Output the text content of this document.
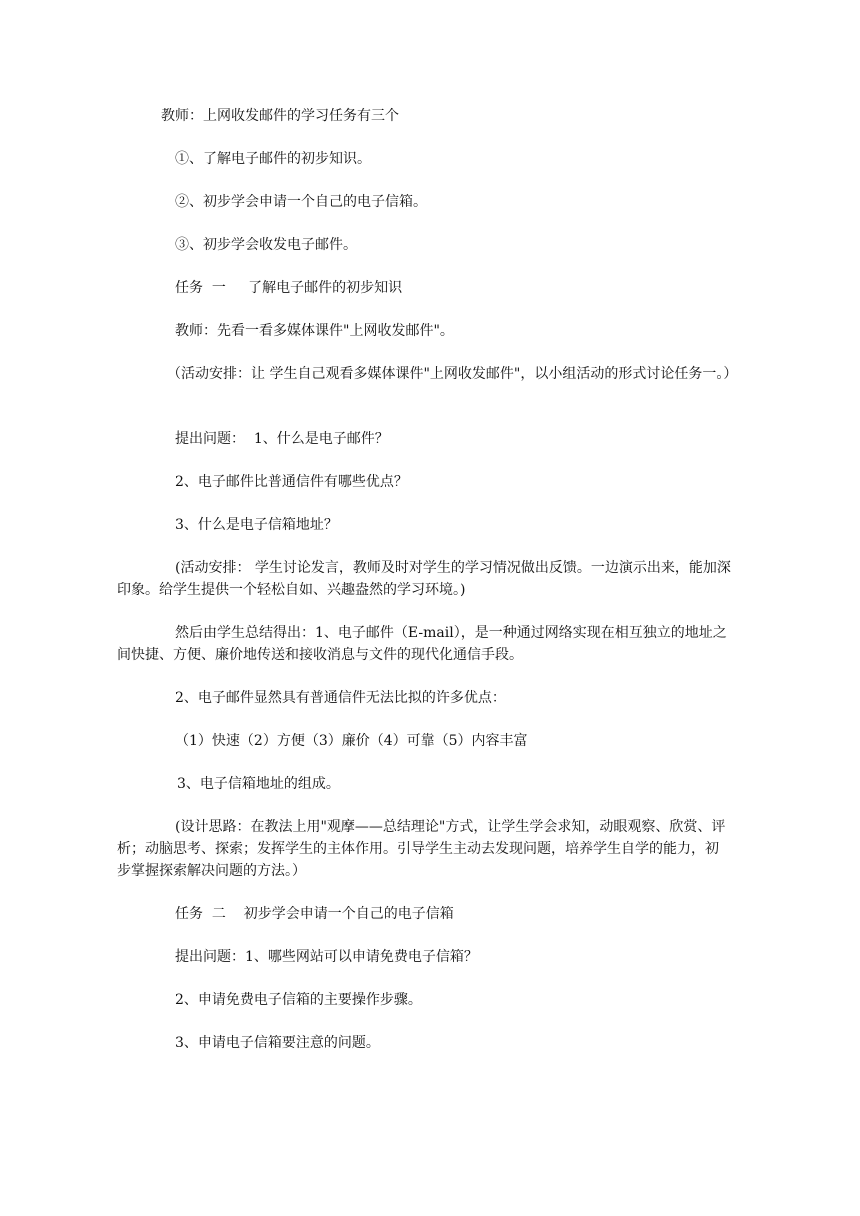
教师：上网收发邮件的学习任务有三个

①、了解电子邮件的初步知识。

②、初步学会申请一个自己的电子信箱。

③、初步学会收发电子邮件。

任务  一     了解电子邮件的初步知识

教师：先看一看多媒体课件"上网收发邮件"。

（活动安排：让 学生自己观看多媒体课件"上网收发邮件"，以小组活动的形式讨论任务一。）

提出问题：  1、什么是电子邮件？

2、电子邮件比普通信件有哪些优点？

3、什么是电子信箱地址？

(活动安排： 学生讨论发言，教师及时对学生的学习情况做出反馈。一边演示出来，能加深印象。给学生提供一个轻松自如、兴趣盎然的学习环境。)

然后由学生总结得出：1、电子邮件（E-mail），是一种通过网络实现在相互独立的地址之间快捷、方便、廉价地传送和接收消息与文件的现代化通信手段。

2、电子邮件显然具有普通信件无法比拟的许多优点：

（1）快速（2）方便（3）廉价（4）可靠（5）内容丰富

3、电子信箱地址的组成。

(设计思路：在教法上用"观摩——总结理论"方式，让学生学会求知，动眼观察、欣赏、评析；动脑思考、探索；发挥学生的主体作用。引导学生主动去发现问题，培养学生自学的能力，初步掌握探索解决问题的方法。）

任务  二    初步学会申请一个自己的电子信箱

提出问题：1、哪些网站可以申请免费电子信箱？

2、申请免费电子信箱的主要操作步骤。

3、申请电子信箱要注意的问题。
